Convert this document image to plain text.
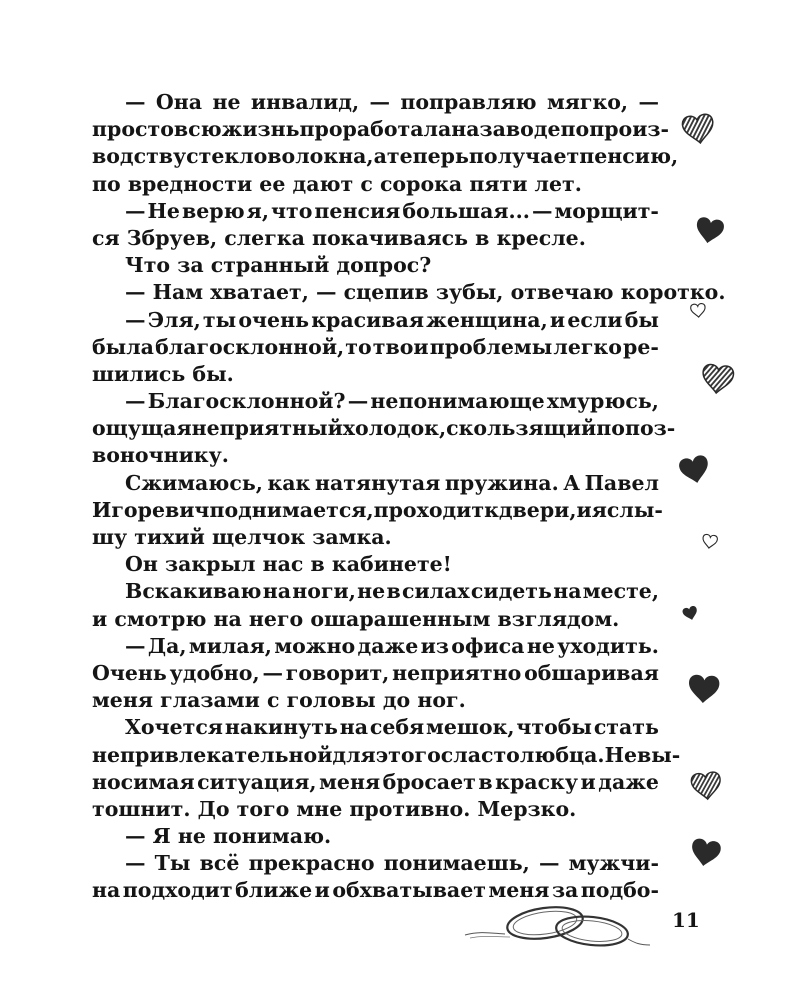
— Она не инвалид, — поправляю мягко, —
просто всю жизнь проработала на заводе по произ-
водству стекловолокна, а теперь получает пенсию,
по вредности ее дают с сорока пяти лет.
— Не верю я, что пенсия большая... — морщит-
ся Збруев, слегка покачиваясь в кресле.
Что за странный допрос?
— Нам хватает, — сцепив зубы, отвечаю коротко.
— Эля, ты очень красивая женщина, и если бы
была благосклонной, то твои проблемы легко ре-
шились бы.
— Благосклонной? — непонимающе хмурюсь,
ощущая неприятный холодок, скользящий по поз-
воночнику.
Сжимаюсь, как натянутая пружина. А Павел
Игоревич поднимается, проходит к двери, и я слы-
шу тихий щелчок замка.
Он закрыл нас в кабинете!
Вскакиваю на ноги, не в силах сидеть на месте,
и смотрю на него ошарашенным взглядом.
— Да, милая, можно даже из офиса не уходить.
Очень удобно, — говорит, неприятно обшаривая
меня глазами с головы до ног.
Хочется накинуть на себя мешок, чтобы стать
непривлекательной для этого сластолюбца. Невы-
носимая ситуация, меня бросает в краску и даже
тошнит. До того мне противно. Мерзко.
— Я не понимаю.
— Ты всё прекрасно понимаешь, — мужчи-
на подходит ближе и обхватывает меня за подбо-
11
